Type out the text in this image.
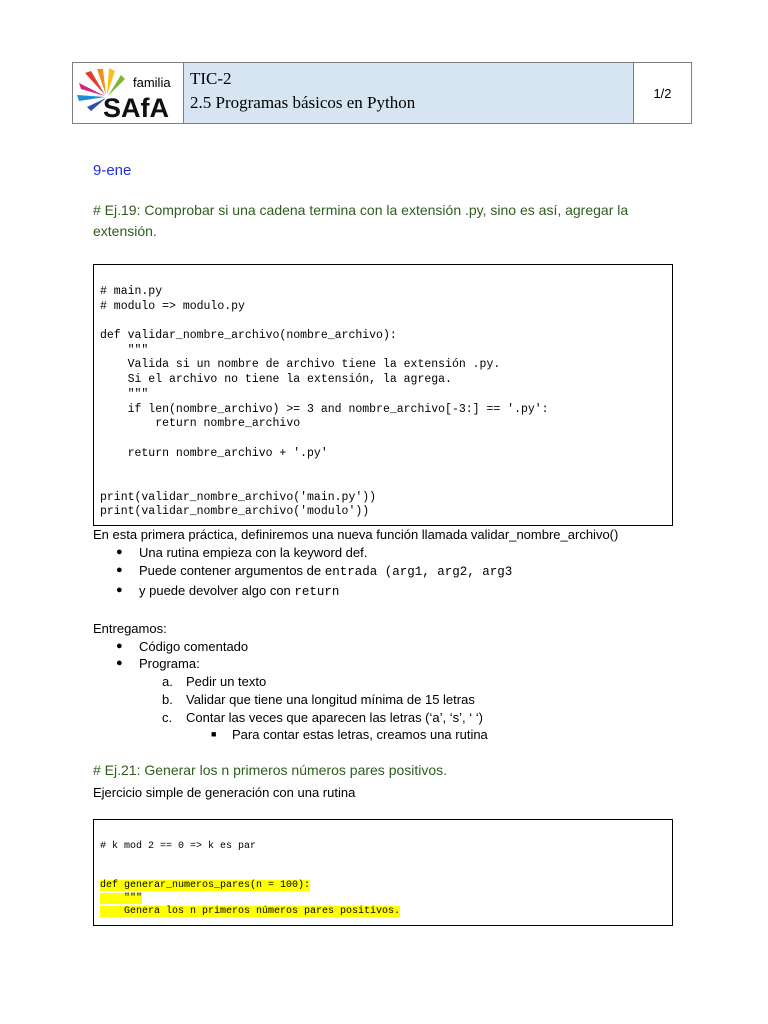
familia
SAfA
TIC-2
2.5 Programas básicos en Python	1/2
9-ene
# Ej.19: Comprobar si una cadena termina con la extensión .py, sino es así, agregar la extensión.
# main.py
# modulo => modulo.py
def validar_nombre_archivo(nombre_archivo):
"""
Valida si un nombre de archivo tiene la extensión .py.
Si el archivo no tiene la extensión, la agrega.
"""
if len(nombre_archivo) >= 3 and nombre_archivo[-3:] == '.py':
return nombre_archivo
return nombre_archivo + '.py'
print(validar_nombre_archivo('main.py'))
print(validar_nombre_archivo('modulo'))
En esta primera práctica, definiremos una nueva función llamada validar_nombre_archivo()
● Una rutina empieza con la keyword def.
● Puede contener argumentos de entrada (arg1, arg2, arg3
● y puede devolver algo con return
Entregamos:
● Código comentado
● Programa:
a. Pedir un texto
b. Validar que tiene una longitud mínima de 15 letras
c. Contar las veces que aparecen las letras (‘a’, ‘s’, ‘ ‘)
■ Para contar estas letras, creamos una rutina
# Ej.21: Generar los n primeros números pares positivos.
Ejercicio simple de generación con una rutina
# k mod 2 == 0 => k es par
def generar_numeros_pares(n = 100):
"""
Genera los n primeros números pares positivos.
